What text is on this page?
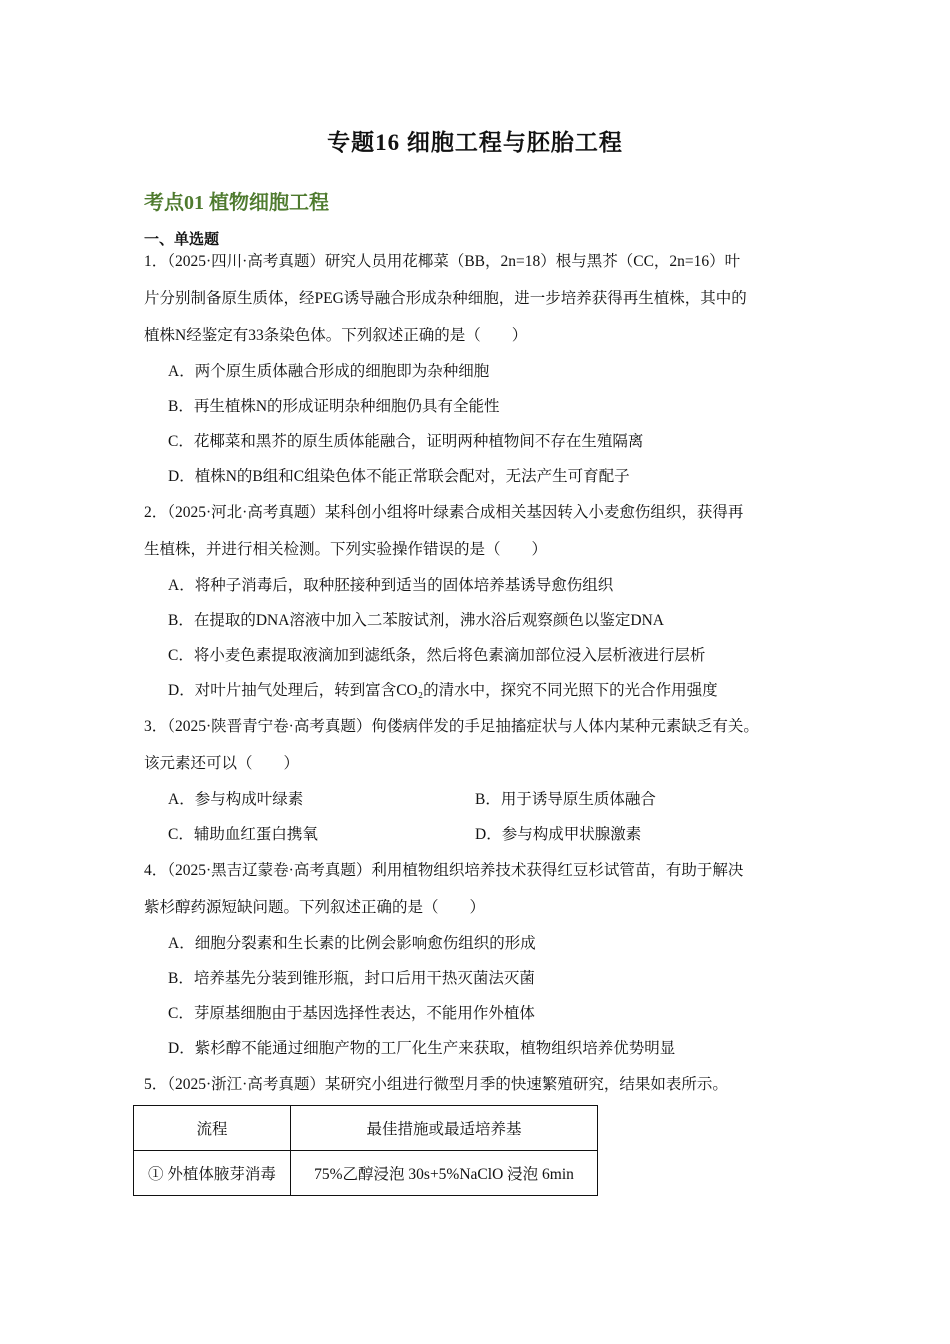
专题16 细胞工程与胚胎工程
考点01 植物细胞工程
一、单选题
1．（2025·四川·高考真题）研究人员用花椰菜（BB，2n=18）根与黑芥（CC，2n=16）叶
片分别制备原生质体，经PEG诱导融合形成杂种细胞，进一步培养获得再生植株，其中的
植株N经鉴定有33条染色体。下列叙述正确的是（　　）
A．两个原生质体融合形成的细胞即为杂种细胞
B．再生植株N的形成证明杂种细胞仍具有全能性
C．花椰菜和黑芥的原生质体能融合，证明两种植物间不存在生殖隔离
D．植株N的B组和C组染色体不能正常联会配对，无法产生可育配子
2．（2025·河北·高考真题）某科创小组将叶绿素合成相关基因转入小麦愈伤组织，获得再
生植株，并进行相关检测。下列实验操作错误的是（　　）
A．将种子消毒后，取种胚接种到适当的固体培养基诱导愈伤组织
B．在提取的DNA溶液中加入二苯胺试剂，沸水浴后观察颜色以鉴定DNA
C．将小麦色素提取液滴加到滤纸条，然后将色素滴加部位浸入层析液进行层析
D．对叶片抽气处理后，转到富含CO₂的清水中，探究不同光照下的光合作用强度
3．（2025·陕晋青宁卷·高考真题）佝偻病伴发的手足抽搐症状与人体内某种元素缺乏有关。
该元素还可以（　　）
A．参与构成叶绿素	B．用于诱导原生质体融合
C．辅助血红蛋白携氧	D．参与构成甲状腺激素
4．（2025·黑吉辽蒙卷·高考真题）利用植物组织培养技术获得红豆杉试管苗，有助于解决
紫杉醇药源短缺问题。下列叙述正确的是（　　）
A．细胞分裂素和生长素的比例会影响愈伤组织的形成
B．培养基先分装到锥形瓶，封口后用干热灭菌法灭菌
C．芽原基细胞由于基因选择性表达，不能用作外植体
D．紫杉醇不能通过细胞产物的工厂化生产来获取，植物组织培养优势明显
5．（2025·浙江·高考真题）某研究小组进行微型月季的快速繁殖研究，结果如表所示。
流程	最佳措施或最适培养基
① 外植体腋芽消毒	75%乙醇浸泡 30s+5%NaClO 浸泡 6min
